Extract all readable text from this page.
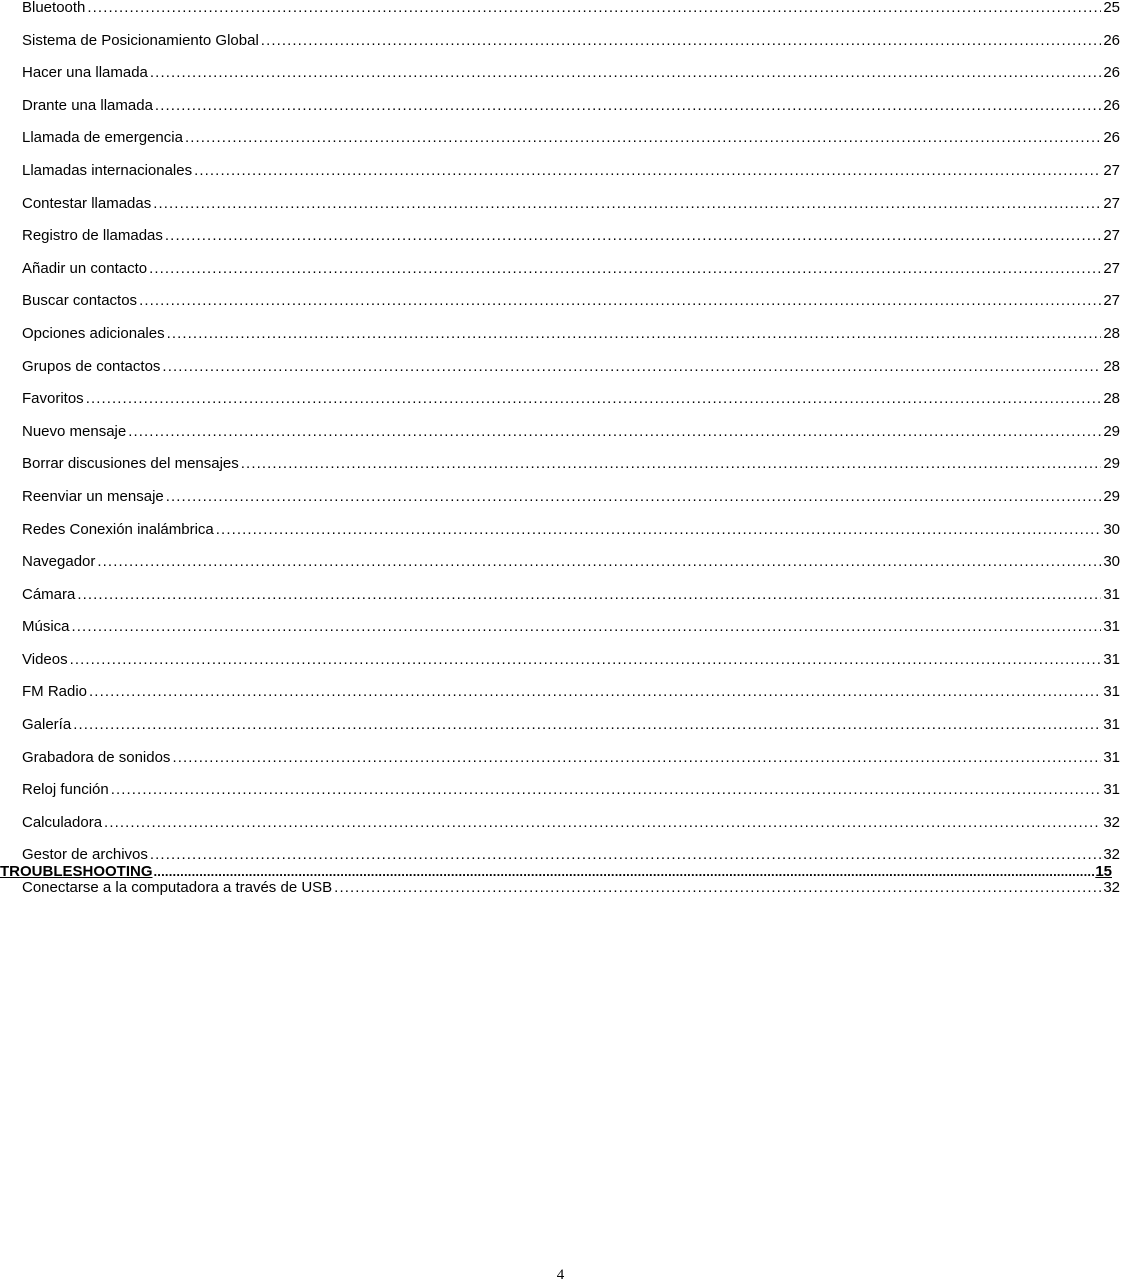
Bluetooth .....	25
Sistema de Posicionamiento Global .....	26
Hacer una llamada .....	26
Drante una llamada .....	26
Llamada de emergencia .....	26
Llamadas internacionales .....	27
Contestar llamadas .....	27
Registro de llamadas .....	27
Añadir un contacto .....	27
Buscar contactos .....	27
Opciones adicionales .....	28
Grupos de contactos .....	28
Favoritos .....	28
Nuevo mensaje .....	29
Borrar discusiones del mensajes .....	29
Reenviar un mensaje .....	29
Redes Conexión inalámbrica .....	30
Navegador .....	30
Cámara .....	31
Música .....	31
Videos .....	31
FM Radio .....	31
Galería .....	31
Grabadora de sonidos .....	31
Reloj función .....	31
Calculadora .....	32
Gestor de archivos .....	32
Conectarse a la computadora a través de USB .....	32
TROUBLESHOOTING .....	15
4
